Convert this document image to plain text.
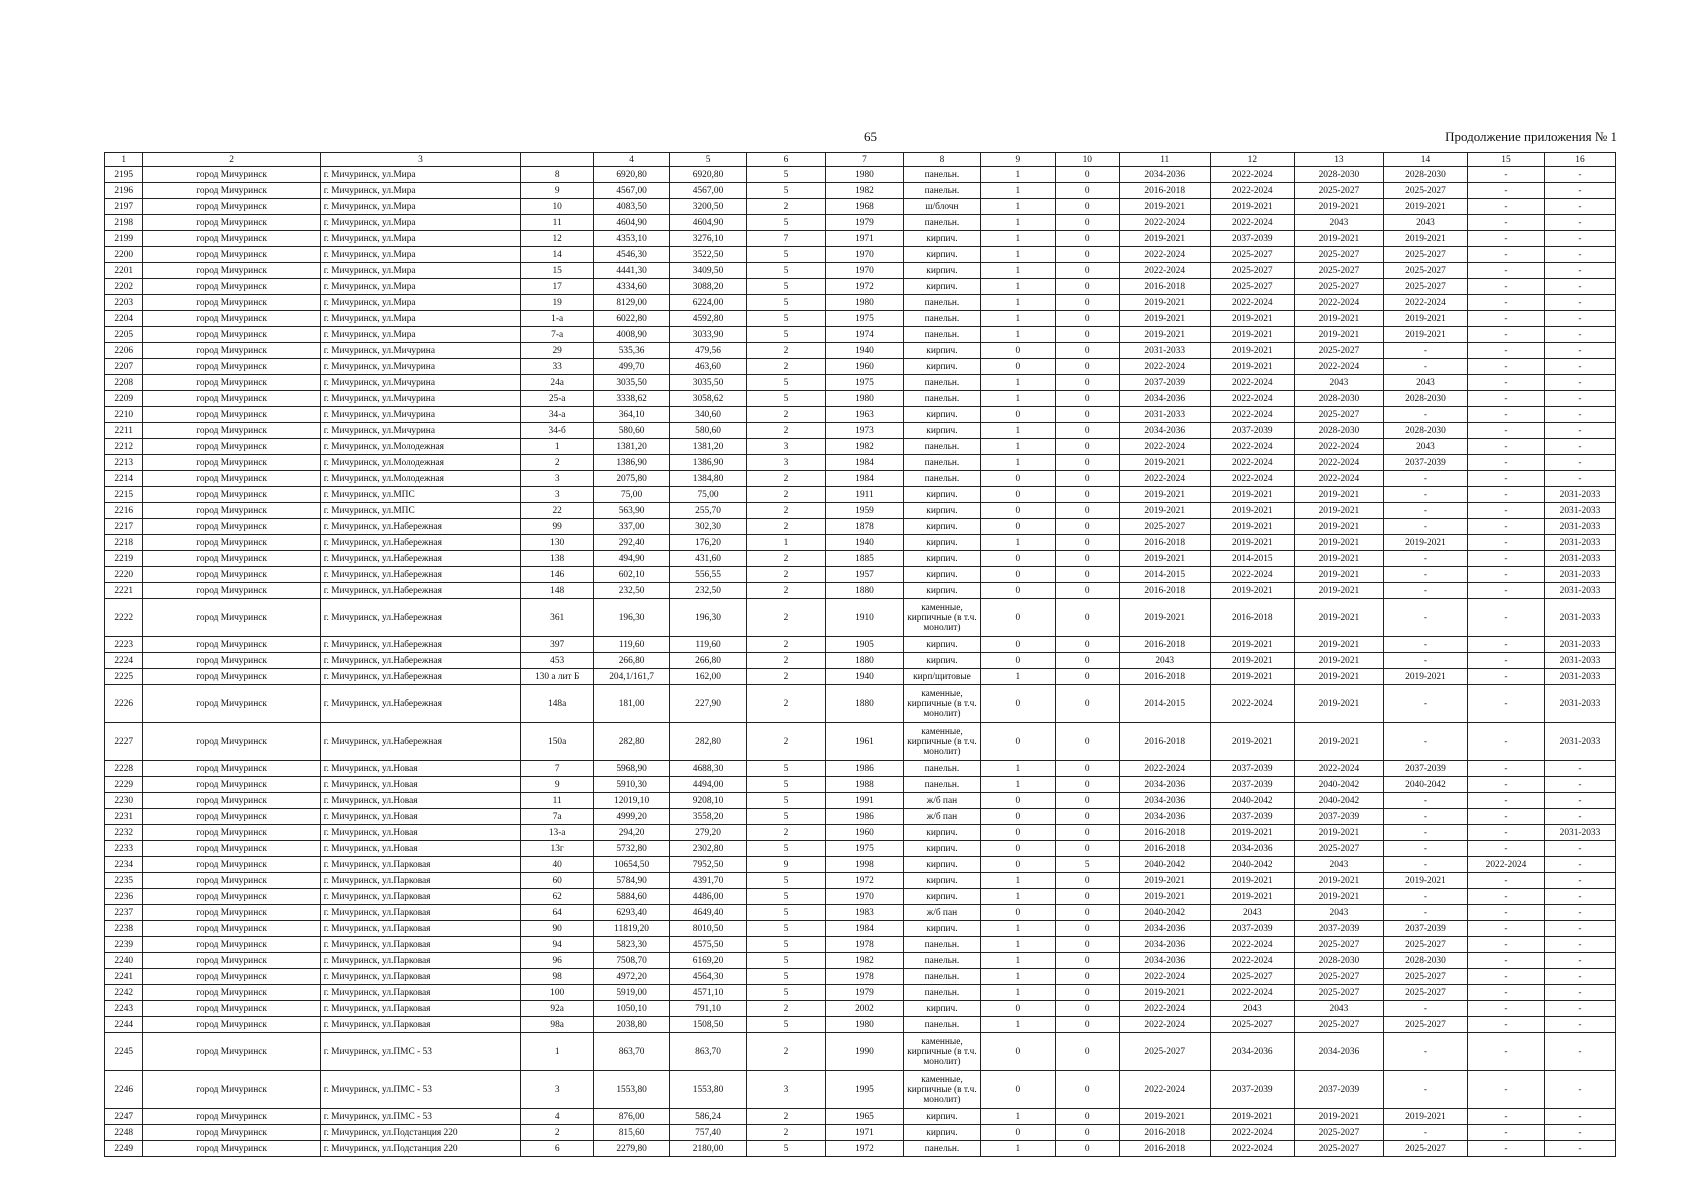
65	Продолжение приложения № 1
1	2	3		4	5	6	7	8	9	10	11	12	13	14	15	16
2195	город Мичуринск	г. Мичуринск, ул.Мира	8	6920,80	6920,80	5	1980	панельн.	1	0	2034-2036	2022-2024	2028-2030	2028-2030	-	-
2196	город Мичуринск	г. Мичуринск, ул.Мира	9	4567,00	4567,00	5	1982	панельн.	1	0	2016-2018	2022-2024	2025-2027	2025-2027	-	-
2197	город Мичуринск	г. Мичуринск, ул.Мира	10	4083,50	3200,50	2	1968	ш/блочн	1	0	2019-2021	2019-2021	2019-2021	2019-2021	-	-
2198	город Мичуринск	г. Мичуринск, ул.Мира	11	4604,90	4604,90	5	1979	панельн.	1	0	2022-2024	2022-2024	2043	2043	-	-
2199	город Мичуринск	г. Мичуринск, ул.Мира	12	4353,10	3276,10	7	1971	кирпич.	1	0	2019-2021	2037-2039	2019-2021	2019-2021	-	-
2200	город Мичуринск	г. Мичуринск, ул.Мира	14	4546,30	3522,50	5	1970	кирпич.	1	0	2022-2024	2025-2027	2025-2027	2025-2027	-	-
2201	город Мичуринск	г. Мичуринск, ул.Мира	15	4441,30	3409,50	5	1970	кирпич.	1	0	2022-2024	2025-2027	2025-2027	2025-2027	-	-
2202	город Мичуринск	г. Мичуринск, ул.Мира	17	4334,60	3088,20	5	1972	кирпич.	1	0	2016-2018	2025-2027	2025-2027	2025-2027	-	-
2203	город Мичуринск	г. Мичуринск, ул.Мира	19	8129,00	6224,00	5	1980	панельн.	1	0	2019-2021	2022-2024	2022-2024	2022-2024	-	-
2204	город Мичуринск	г. Мичуринск, ул.Мира	1-а	6022,80	4592,80	5	1975	панельн.	1	0	2019-2021	2019-2021	2019-2021	2019-2021	-	-
2205	город Мичуринск	г. Мичуринск, ул.Мира	7-а	4008,90	3033,90	5	1974	панельн.	1	0	2019-2021	2019-2021	2019-2021	2019-2021	-	-
2206	город Мичуринск	г. Мичуринск, ул.Мичурина	29	535,36	479,56	2	1940	кирпич.	0	0	2031-2033	2019-2021	2025-2027	-	-	-
2207	город Мичуринск	г. Мичуринск, ул.Мичурина	33	499,70	463,60	2	1960	кирпич.	0	0	2022-2024	2019-2021	2022-2024	-	-	-
2208	город Мичуринск	г. Мичуринск, ул.Мичурина	24а	3035,50	3035,50	5	1975	панельн.	1	0	2037-2039	2022-2024	2043	2043	-	-
2209	город Мичуринск	г. Мичуринск, ул.Мичурина	25-а	3338,62	3058,62	5	1980	панельн.	1	0	2034-2036	2022-2024	2028-2030	2028-2030	-	-
2210	город Мичуринск	г. Мичуринск, ул.Мичурина	34-а	364,10	340,60	2	1963	кирпич.	0	0	2031-2033	2022-2024	2025-2027	-	-	-
2211	город Мичуринск	г. Мичуринск, ул.Мичурина	34-б	580,60	580,60	2	1973	кирпич.	1	0	2034-2036	2037-2039	2028-2030	2028-2030	-	-
2212	город Мичуринск	г. Мичуринск, ул.Молодежная	1	1381,20	1381,20	3	1982	панельн.	1	0	2022-2024	2022-2024	2022-2024	2043	-	-
2213	город Мичуринск	г. Мичуринск, ул.Молодежная	2	1386,90	1386,90	3	1984	панельн.	1	0	2019-2021	2022-2024	2022-2024	2037-2039	-	-
2214	город Мичуринск	г. Мичуринск, ул.Молодежная	3	2075,80	1384,80	2	1984	панельн.	0	0	2022-2024	2022-2024	2022-2024	-	-	-
2215	город Мичуринск	г. Мичуринск, ул.МПС	3	75,00	75,00	2	1911	кирпич.	0	0	2019-2021	2019-2021	2019-2021	-	-	2031-2033
2216	город Мичуринск	г. Мичуринск, ул.МПС	22	563,90	255,70	2	1959	кирпич.	0	0	2019-2021	2019-2021	2019-2021	-	-	2031-2033
2217	город Мичуринск	г. Мичуринск, ул.Набережная	99	337,00	302,30	2	1878	кирпич.	0	0	2025-2027	2019-2021	2019-2021	-	-	2031-2033
2218	город Мичуринск	г. Мичуринск, ул.Набережная	130	292,40	176,20	1	1940	кирпич.	1	0	2016-2018	2019-2021	2019-2021	2019-2021	-	2031-2033
2219	город Мичуринск	г. Мичуринск, ул.Набережная	138	494,90	431,60	2	1885	кирпич.	0	0	2019-2021	2014-2015	2019-2021	-	-	2031-2033
2220	город Мичуринск	г. Мичуринск, ул.Набережная	146	602,10	556,55	2	1957	кирпич.	0	0	2014-2015	2022-2024	2019-2021	-	-	2031-2033
2221	город Мичуринск	г. Мичуринск, ул.Набережная	148	232,50	232,50	2	1880	кирпич.	0	0	2016-2018	2019-2021	2019-2021	-	-	2031-2033
2222	город Мичуринск	г. Мичуринск, ул.Набережная	361	196,30	196,30	2	1910	каменные, кирпичные (в т.ч. монолит)	0	0	2019-2021	2016-2018	2019-2021	-	-	2031-2033
2223	город Мичуринск	г. Мичуринск, ул.Набережная	397	119,60	119,60	2	1905	кирпич.	0	0	2016-2018	2019-2021	2019-2021	-	-	2031-2033
2224	город Мичуринск	г. Мичуринск, ул.Набережная	453	266,80	266,80	2	1880	кирпич.	0	0	2043	2019-2021	2019-2021	-	-	2031-2033
2225	город Мичуринск	г. Мичуринск, ул.Набережная	130 а лит Б	204,1/161,7	162,00	2	1940	кирп/щитовые	1	0	2016-2018	2019-2021	2019-2021	2019-2021	-	2031-2033
2226	город Мичуринск	г. Мичуринск, ул.Набережная	148а	181,00	227,90	2	1880	каменные, кирпичные (в т.ч. монолит)	0	0	2014-2015	2022-2024	2019-2021	-	-	2031-2033
2227	город Мичуринск	г. Мичуринск, ул.Набережная	150а	282,80	282,80	2	1961	каменные, кирпичные (в т.ч. монолит)	0	0	2016-2018	2019-2021	2019-2021	-	-	2031-2033
2228	город Мичуринск	г. Мичуринск, ул.Новая	7	5968,90	4688,30	5	1986	панельн.	1	0	2022-2024	2037-2039	2022-2024	2037-2039	-	-
2229	город Мичуринск	г. Мичуринск, ул.Новая	9	5910,30	4494,00	5	1988	панельн.	1	0	2034-2036	2037-2039	2040-2042	2040-2042	-	-
2230	город Мичуринск	г. Мичуринск, ул.Новая	11	12019,10	9208,10	5	1991	ж/б пан	0	0	2034-2036	2040-2042	2040-2042	-	-	-
2231	город Мичуринск	г. Мичуринск, ул.Новая	7а	4999,20	3558,20	5	1986	ж/б пан	0	0	2034-2036	2037-2039	2037-2039	-	-	-
2232	город Мичуринск	г. Мичуринск, ул.Новая	13-а	294,20	279,20	2	1960	кирпич.	0	0	2016-2018	2019-2021	2019-2021	-	-	2031-2033
2233	город Мичуринск	г. Мичуринск, ул.Новая	13г	5732,80	2302,80	5	1975	кирпич.	0	0	2016-2018	2034-2036	2025-2027	-	-	-
2234	город Мичуринск	г. Мичуринск, ул.Парковая	40	10654,50	7952,50	9	1998	кирпич.	0	5	2040-2042	2040-2042	2043	-	2022-2024	-
2235	город Мичуринск	г. Мичуринск, ул.Парковая	60	5784,90	4391,70	5	1972	кирпич.	1	0	2019-2021	2019-2021	2019-2021	2019-2021	-	-
2236	город Мичуринск	г. Мичуринск, ул.Парковая	62	5884,60	4486,00	5	1970	кирпич.	1	0	2019-2021	2019-2021	2019-2021	-	-	-
2237	город Мичуринск	г. Мичуринск, ул.Парковая	64	6293,40	4649,40	5	1983	ж/б пан	0	0	2040-2042	2043	2043	-	-	-
2238	город Мичуринск	г. Мичуринск, ул.Парковая	90	11819,20	8010,50	5	1984	кирпич.	1	0	2034-2036	2037-2039	2037-2039	2037-2039	-	-
2239	город Мичуринск	г. Мичуринск, ул.Парковая	94	5823,30	4575,50	5	1978	панельн.	1	0	2034-2036	2022-2024	2025-2027	2025-2027	-	-
2240	город Мичуринск	г. Мичуринск, ул.Парковая	96	7508,70	6169,20	5	1982	панельн.	1	0	2034-2036	2022-2024	2028-2030	2028-2030	-	-
2241	город Мичуринск	г. Мичуринск, ул.Парковая	98	4972,20	4564,30	5	1978	панельн.	1	0	2022-2024	2025-2027	2025-2027	2025-2027	-	-
2242	город Мичуринск	г. Мичуринск, ул.Парковая	100	5919,00	4571,10	5	1979	панельн.	1	0	2019-2021	2022-2024	2025-2027	2025-2027	-	-
2243	город Мичуринск	г. Мичуринск, ул.Парковая	92а	1050,10	791,10	2	2002	кирпич.	0	0	2022-2024	2043	2043	-	-	-
2244	город Мичуринск	г. Мичуринск, ул.Парковая	98а	2038,80	1508,50	5	1980	панельн.	1	0	2022-2024	2025-2027	2025-2027	2025-2027	-	-
2245	город Мичуринск	г. Мичуринск, ул.ПМС - 53	1	863,70	863,70	2	1990	каменные, кирпичные (в т.ч. монолит)	0	0	2025-2027	2034-2036	2034-2036	-	-	-
2246	город Мичуринск	г. Мичуринск, ул.ПМС - 53	3	1553,80	1553,80	3	1995	каменные, кирпичные (в т.ч. монолит)	0	0	2022-2024	2037-2039	2037-2039	-	-	-
2247	город Мичуринск	г. Мичуринск, ул.ПМС - 53	4	876,00	586,24	2	1965	кирпич.	1	0	2019-2021	2019-2021	2019-2021	2019-2021	-	-
2248	город Мичуринск	г. Мичуринск, ул.Подстанция 220	2	815,60	757,40	2	1971	кирпич.	0	0	2016-2018	2022-2024	2025-2027	-	-	-
2249	город Мичуринск	г. Мичуринск, ул.Подстанция 220	6	2279,80	2180,00	5	1972	панельн.	1	0	2016-2018	2022-2024	2025-2027	2025-2027	-	-
